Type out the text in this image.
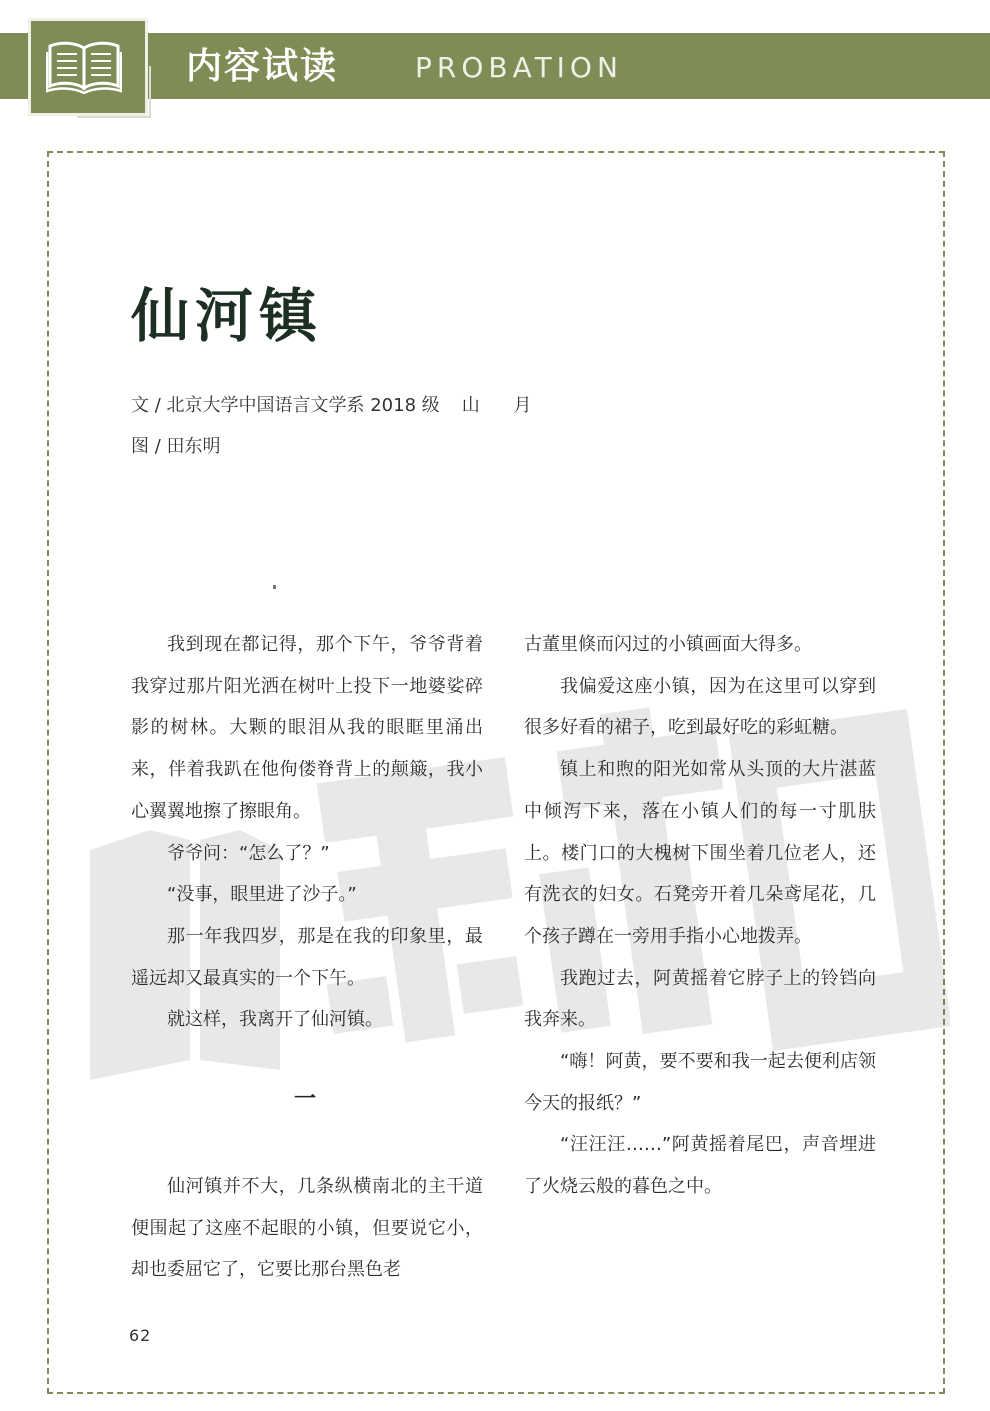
内容试读	PROBATION
仙河镇
文 / 北京大学中国语言文学系 2018 级 山 月
图 / 田东明

我到现在都记得，那个下午，爷爷背着我穿过那片阳光洒在树叶上投下一地婆娑碎影的树林。大颗的眼泪从我的眼眶里涌出来，伴着我趴在他佝偻脊背上的颠簸，我小心翼翼地擦了擦眼角。

爷爷问：“怎么了？”

“没事，眼里进了沙子。”

那一年我四岁，那是在我的印象里，最遥远却又最真实的一个下午。

就这样，我离开了仙河镇。

一

仙河镇并不大，几条纵横南北的主干道便围起了这座不起眼的小镇，但要说它小，却也委屈它了，它要比那台黑色老

古董里倏而闪过的小镇画面大得多。

我偏爱这座小镇，因为在这里可以穿到很多好看的裙子，吃到最好吃的彩虹糖。

镇上和煦的阳光如常从头顶的大片湛蓝中倾泻下来，落在小镇人们的每一寸肌肤上。楼门口的大槐树下围坐着几位老人，还有洗衣的妇女。石凳旁开着几朵鸢尾花，几个孩子蹲在一旁用手指小心地拨弄。

我跑过去，阿黄摇着它脖子上的铃铛向我奔来。

“嗨！阿黄，要不要和我一起去便利店领今天的报纸？”

“汪汪汪……”阿黄摇着尾巴，声音埋进了火烧云般的暮色之中。

62
